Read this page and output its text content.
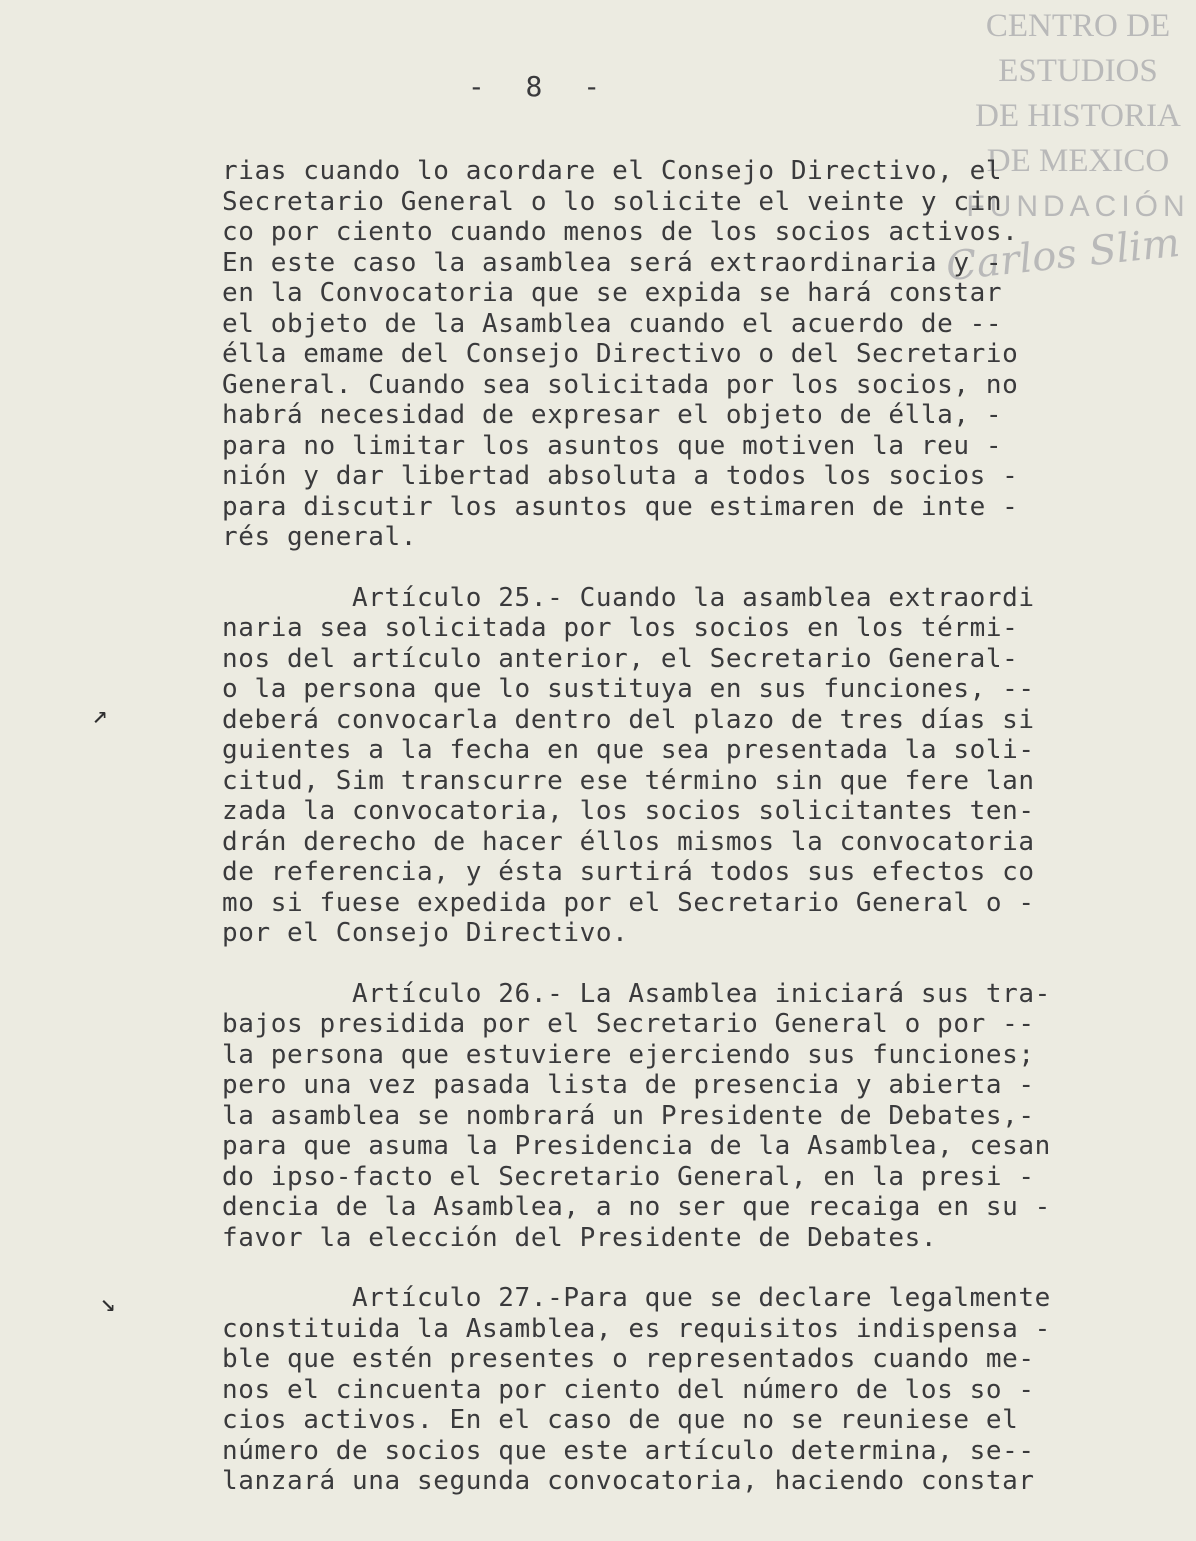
- 8 -
CENTRO DE
ESTUDIOS
DE HISTORIA
DE MEXICO
FUNDACIÓN
Carlos Slim
↗
↘
rias cuando lo acordare el Consejo Directivo, el
Secretario General o lo solicite el veinte y cin
co por ciento cuando menos de los socios activos.
En este caso la asamblea será extraordinaria y -
en la Convocatoria que se expida se hará constar
el objeto de la Asamblea cuando el acuerdo de --
élla emame del Consejo Directivo o del Secretario
General. Cuando sea solicitada por los socios, no
habrá necesidad de expresar el objeto de élla, -
para no limitar los asuntos que motiven la reu -
nión y dar libertad absoluta a todos los socios -
para discutir los asuntos que estimaren de inte -
rés general.
Artículo 25.- Cuando la asamblea extraordi
naria sea solicitada por los socios en los térmi-
nos del artículo anterior, el Secretario General-
o la persona que lo sustituya en sus funciones, --
deberá convocarla dentro del plazo de tres días si
guientes a la fecha en que sea presentada la soli-
citud, Sim transcurre ese término sin que fere lan
zada la convocatoria, los socios solicitantes ten-
drán derecho de hacer éllos mismos la convocatoria
de referencia, y ésta surtirá todos sus efectos co
mo si fuese expedida por el Secretario General o -
por el Consejo Directivo.
Artículo 26.- La Asamblea iniciará sus tra-
bajos presidida por el Secretario General o por --
la persona que estuviere ejerciendo sus funciones;
pero una vez pasada lista de presencia y abierta -
la asamblea se nombrará un Presidente de Debates,-
para que asuma la Presidencia de la Asamblea, cesan
do ipso-facto el Secretario General, en la presi -
dencia de la Asamblea, a no ser que recaiga en su -
favor la elección del Presidente de Debates.
Artículo 27.-Para que se declare legalmente
constituida la Asamblea, es requisitos indispensa -
ble que estén presentes o representados cuando me-
nos el cincuenta por ciento del número de los so -
cios activos. En el caso de que no se reuniese el
número de socios que este artículo determina, se--
lanzará una segunda convocatoria, haciendo constar
